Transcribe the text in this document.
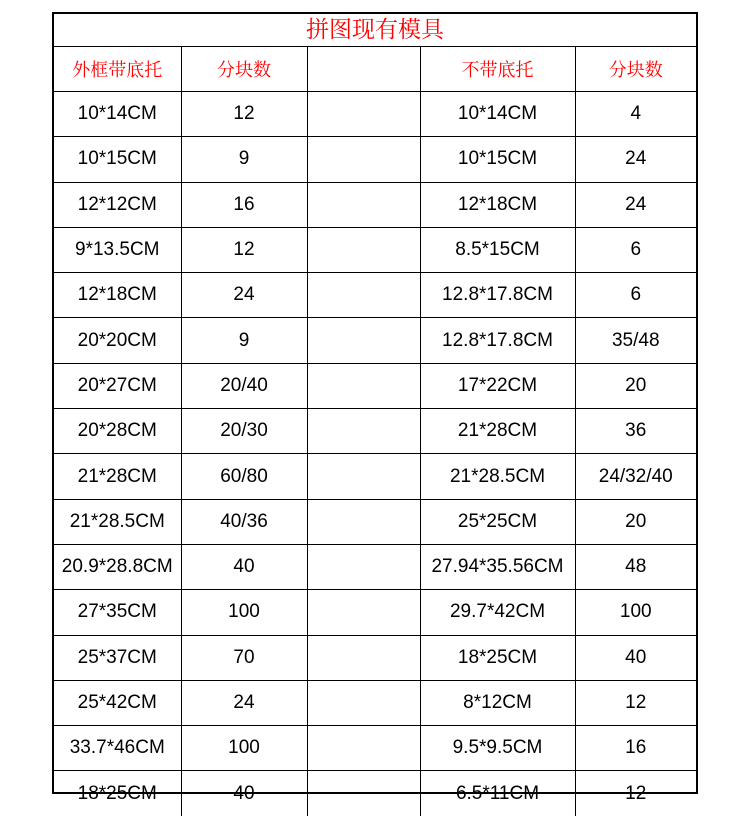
拼图现有模具
外框带底托	分块数		不带底托	分块数
10*14CM	12		10*14CM	4
10*15CM	9		10*15CM	24
12*12CM	16		12*18CM	24
9*13.5CM	12		8.5*15CM	6
12*18CM	24		12.8*17.8CM	6
20*20CM	9		12.8*17.8CM	35/48
20*27CM	20/40		17*22CM	20
20*28CM	20/30		21*28CM	36
21*28CM	60/80		21*28.5CM	24/32/40
21*28.5CM	40/36		25*25CM	20
20.9*28.8CM	40		27.94*35.56CM	48
27*35CM	100		29.7*42CM	100
25*37CM	70		18*25CM	40
25*42CM	24		8*12CM	12
33.7*46CM	100		9.5*9.5CM	16
18*25CM	40		6.5*11CM	12
